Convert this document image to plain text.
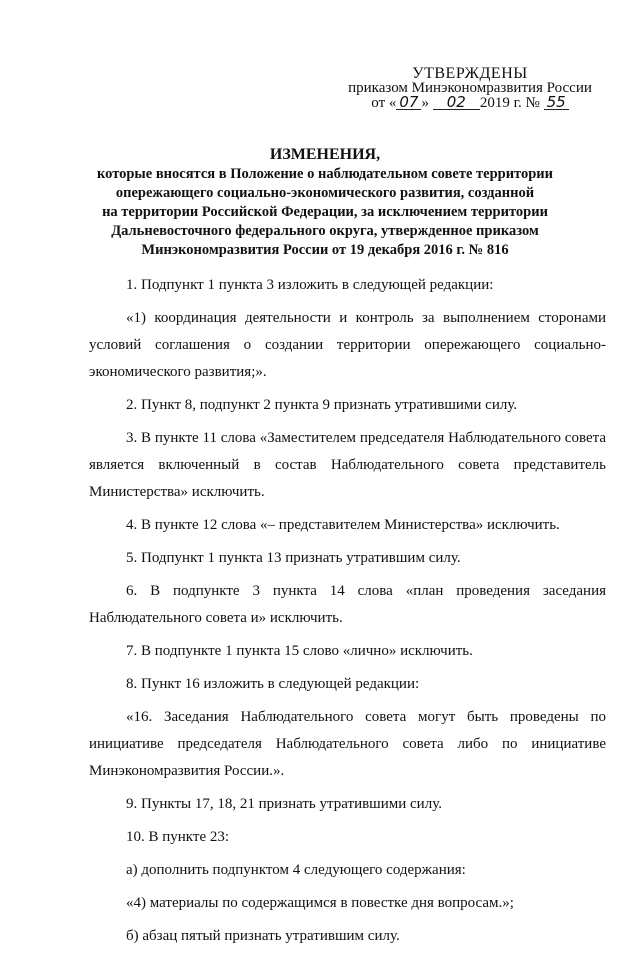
УТВЕРЖДЕНЫ
приказом Минэкономразвития России
от « 07 » 02 2019 г. № 55
ИЗМЕНЕНИЯ,
которые вносятся в Положение о наблюдательном совете территории
опережающего социально-экономического развития, созданной
на территории Российской Федерации, за исключением территории
Дальневосточного федерального округа, утвержденное приказом
Минэкономразвития России от 19 декабря 2016 г. № 816

1. Подпункт 1 пункта 3 изложить в следующей редакции:

«1) координация деятельности и контроль за выполнением сторонами условий соглашения о создании территории опережающего социально-экономического развития;».

2. Пункт 8, подпункт 2 пункта 9 признать утратившими силу.

3. В пункте 11 слова «Заместителем председателя Наблюдательного совета является включенный в состав Наблюдательного совета представитель Министерства» исключить.

4. В пункте 12 слова «– представителем Министерства» исключить.

5. Подпункт 1 пункта 13 признать утратившим силу.

6. В подпункте 3 пункта 14 слова «план проведения заседания Наблюдательного совета и» исключить.

7. В подпункте 1 пункта 15 слово «лично» исключить.

8. Пункт 16 изложить в следующей редакции:

«16. Заседания Наблюдательного совета могут быть проведены по инициативе председателя Наблюдательного совета либо по инициативе Минэкономразвития России.».

9. Пункты 17, 18, 21 признать утратившими силу.

10. В пункте 23:

а) дополнить подпунктом 4 следующего содержания:

«4) материалы по содержащимся в повестке дня вопросам.»;

б) абзац пятый признать утратившим силу.
